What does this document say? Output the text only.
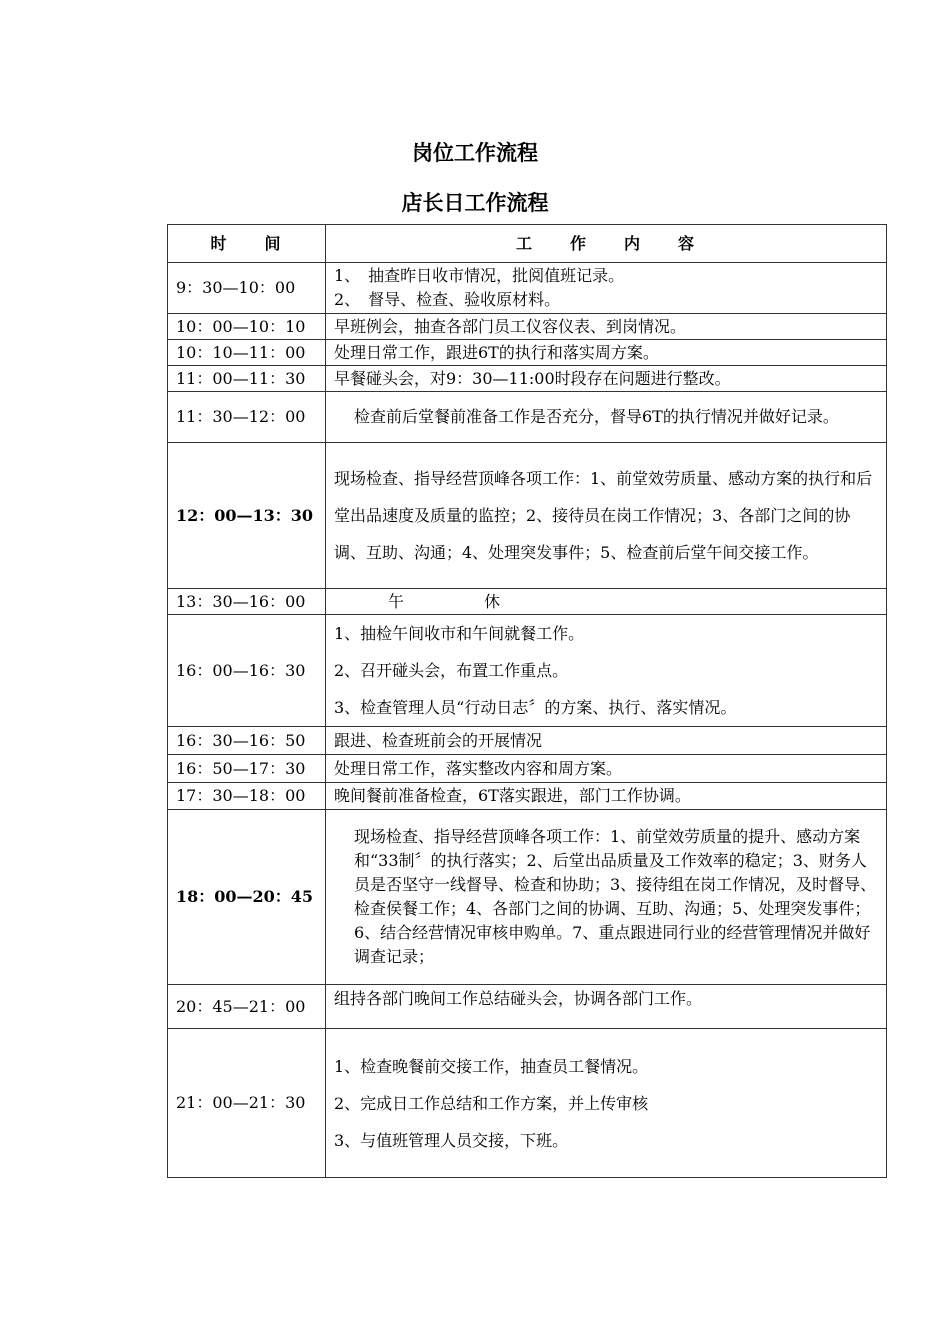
岗位工作流程
店长日工作流程
时　　间	工　　作　　内　　容
9：30—10：00	1、　抽查昨日收市情况，批阅值班记录。
2、　督导、检查、验收原材料。

10：00—10：10	早班例会，抽查各部门员工仪容仪表、到岗情况。

10：10—11：00	处理日常工作，跟进6T的执行和落实周方案。

11：00—11：30	早餐碰头会，对9：30—11:00时段存在问题进行整改。

11：30—12：00	检查前后堂餐前准备工作是否充分，督导6T的执行情况并做好记录。
12：00—13：30	现场检查、指导经营顶峰各项工作：1、前堂效劳质量、感动方案的执行和后堂出品速度及质量的监控；2、接待员在岗工作情况；3、各部门之间的协调、互助、沟通；4、处理突发事件；5、检查前后堂午间交接工作。
13：30—16：00	午　　　　　休
16：00—16：30	1、抽检午间收市和午间就餐工作。
2、召开碰头会，布置工作重点。
3、检查管理人员“行动日志〞的方案、执行、落实情况。

16：30—16：50	跟进、检查班前会的开展情况

16：50—17：30	处理日常工作，落实整改内容和周方案。

17：30—18：00	晚间餐前准备检查，6T落实跟进，部门工作协调。

18：00—20：45	现场检查、指导经营顶峰各项工作：1、前堂效劳质量的提升、感动方案和“33制〞的执行落实；2、后堂出品质量及工作效率的稳定；3、财务人员是否坚守一线督导、检查和协助；3、接待组在岗工作情况，及时督导、检查侯餐工作；4、各部门之间的协调、互助、沟通；5、处理突发事件；6、结合经营情况审核申购单。7、重点跟进同行业的经营管理情况并做好调查记录；
20：45—21：00	组持各部门晚间工作总结碰头会，协调各部门工作。

21：00—21：30	1、检查晚餐前交接工作，抽查员工餐情况。
2、完成日工作总结和工作方案，并上传审核
3、与值班管理人员交接，下班。
